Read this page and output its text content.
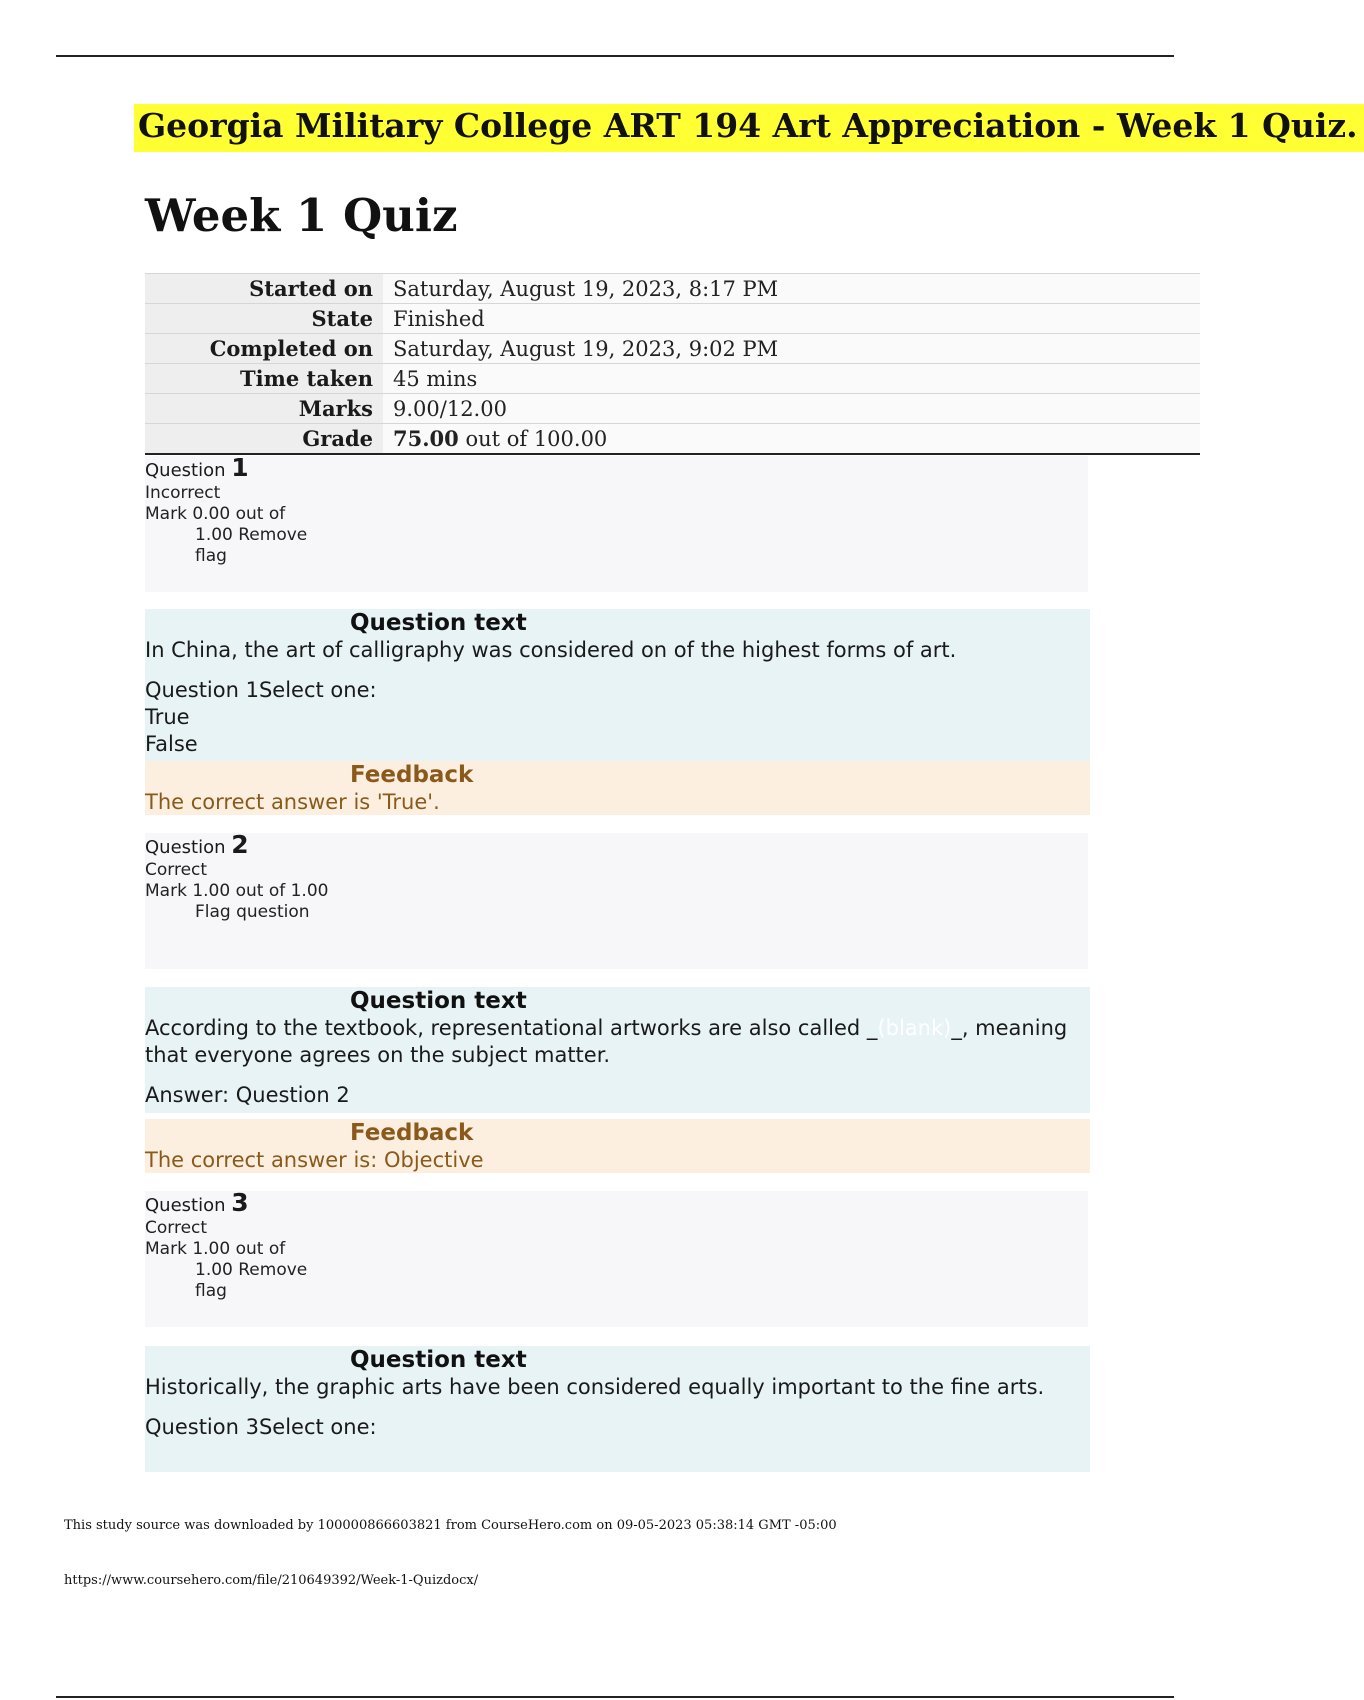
Georgia Military College ART 194 Art Appreciation - Week 1 Quiz.
Week 1 Quiz
Started on	Saturday, August 19, 2023, 8:17 PM
State	Finished
Completed on	Saturday, August 19, 2023, 9:02 PM
Time taken	45 mins
Marks	9.00/12.00
Grade	75.00 out of 100.00

Question 1

Incorrect
Mark 0.00 out of
1.00 Remove
flag

Question text

In China, the art of calligraphy was considered on of the highest forms of art.

Question 1Select one:

True

False

Feedback

The correct answer is 'True'.

Question 2

Correct
Mark 1.00 out of 1.00
Flag question

Question text

According to the textbook, representational artworks are also called _(blank)_, meaning that everyone agrees on the subject matter.

Answer: Question 2

Feedback

The correct answer is: Objective

Question 3

Correct
Mark 1.00 out of
1.00 Remove
flag

Question text

Historically, the graphic arts have been considered equally important to the fine arts.

Question 3Select one:

This study source was downloaded by 100000866603821 from CourseHero.com on 09-05-2023 05:38:14 GMT -05:00
https://www.coursehero.com/file/210649392/Week-1-Quizdocx/
